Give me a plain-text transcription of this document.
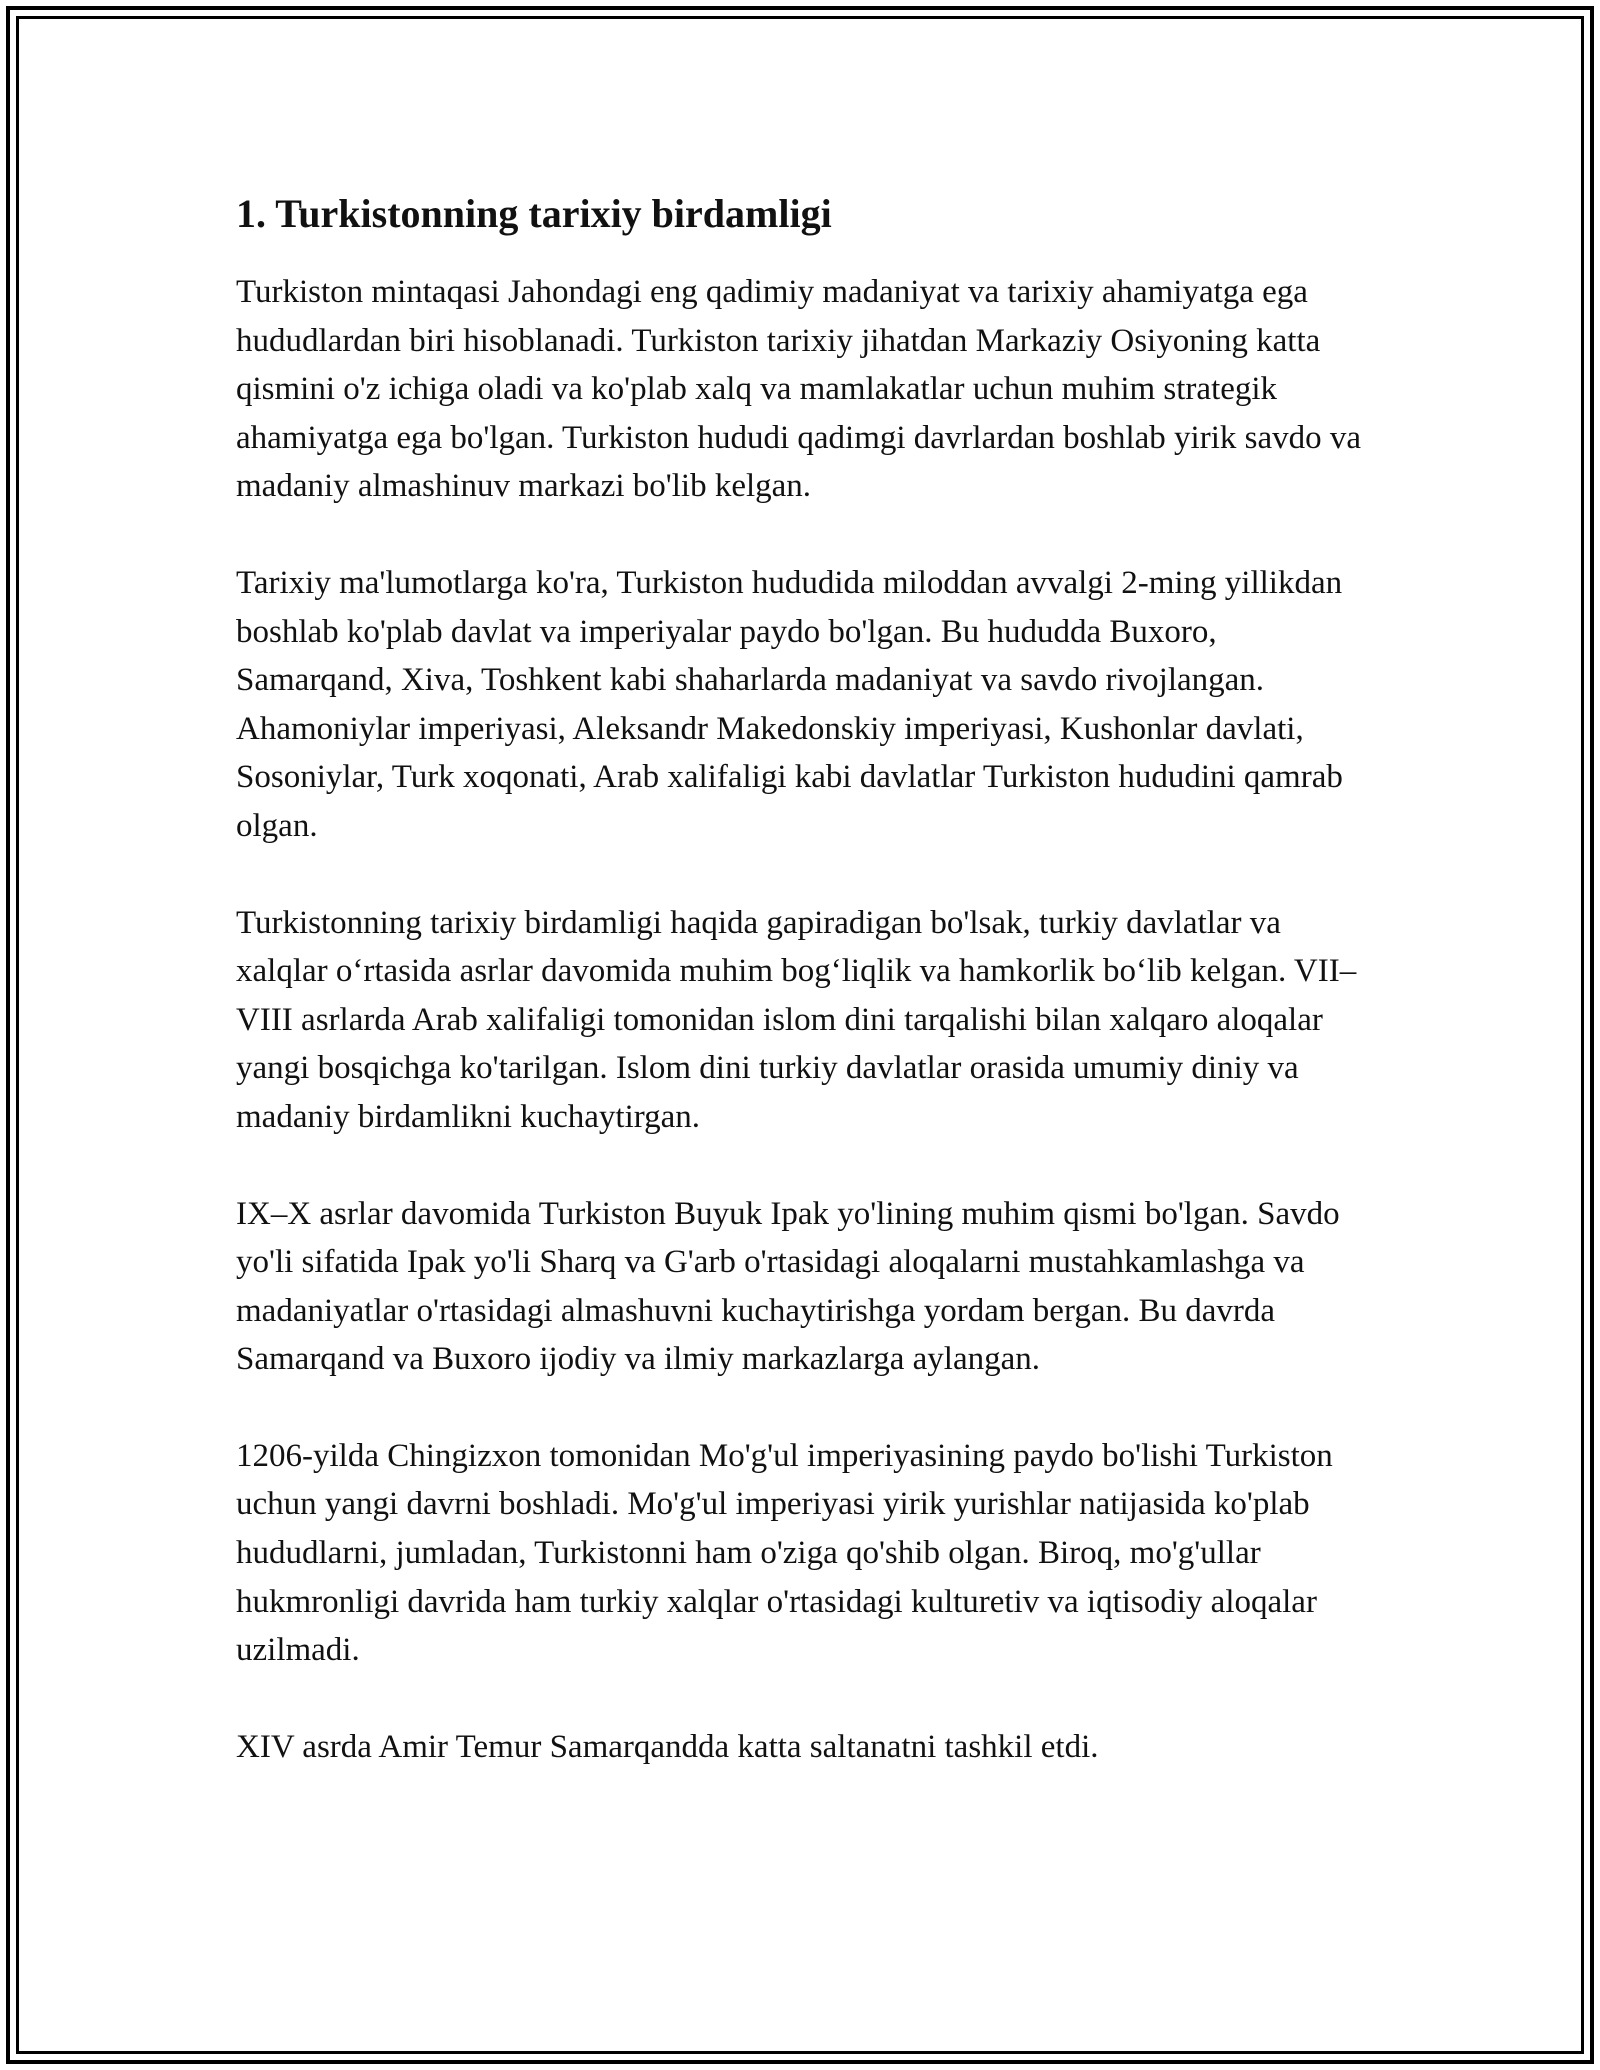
1. Turkistonning tarixiy birdamligi

Turkiston mintaqasi Jahondagi eng qadimiy madaniyat va tarixiy ahamiyatga ega hududlardan biri hisoblanadi. Turkiston tarixiy jihatdan Markaziy Osiyoning katta qismini o'z ichiga oladi va ko'plab xalq va mamlakatlar uchun muhim strategik ahamiyatga ega bo'lgan. Turkiston hududi qadimgi davrlardan boshlab yirik savdo va madaniy almashinuv markazi bo'lib kelgan.

Tarixiy ma'lumotlarga ko'ra, Turkiston hududida miloddan avvalgi 2-ming yillikdan boshlab ko'plab davlat va imperiyalar paydo bo'lgan. Bu hududda Buxoro, Samarqand, Xiva, Toshkent kabi shaharlarda madaniyat va savdo rivojlangan. Ahamoniylar imperiyasi, Aleksandr Makedonskiy imperiyasi, Kushonlar davlati, Sosoniylar, Turk xoqonati, Arab xalifaligi kabi davlatlar Turkiston hududini qamrab olgan.

Turkistonning tarixiy birdamligi haqida gapiradigan bo'lsak, turkiy davlatlar va xalqlar o‘rtasida asrlar davomida muhim bog‘liqlik va hamkorlik bo‘lib kelgan. VII–VIII asrlarda Arab xalifaligi tomonidan islom dini tarqalishi bilan xalqaro aloqalar yangi bosqichga ko'tarilgan. Islom dini turkiy davlatlar orasida umumiy diniy va madaniy birdamlikni kuchaytirgan.

IX–X asrlar davomida Turkiston Buyuk Ipak yo'lining muhim qismi bo'lgan. Savdo yo'li sifatida Ipak yo'li Sharq va G'arb o'rtasidagi aloqalarni mustahkamlashga va madaniyatlar o'rtasidagi almashuvni kuchaytirishga yordam bergan. Bu davrda Samarqand va Buxoro ijodiy va ilmiy markazlarga aylangan.

1206-yilda Chingizxon tomonidan Mo'g'ul imperiyasining paydo bo'lishi Turkiston uchun yangi davrni boshladi. Mo'g'ul imperiyasi yirik yurishlar natijasida ko'plab hududlarni, jumladan, Turkistonni ham o'ziga qo'shib olgan. Biroq, mo'g'ullar hukmronligi davrida ham turkiy xalqlar o'rtasidagi kulturetiv va iqtisodiy aloqalar uzilmadi.

XIV asrda Amir Temur Samarqandda katta saltanatni tashkil etdi.
